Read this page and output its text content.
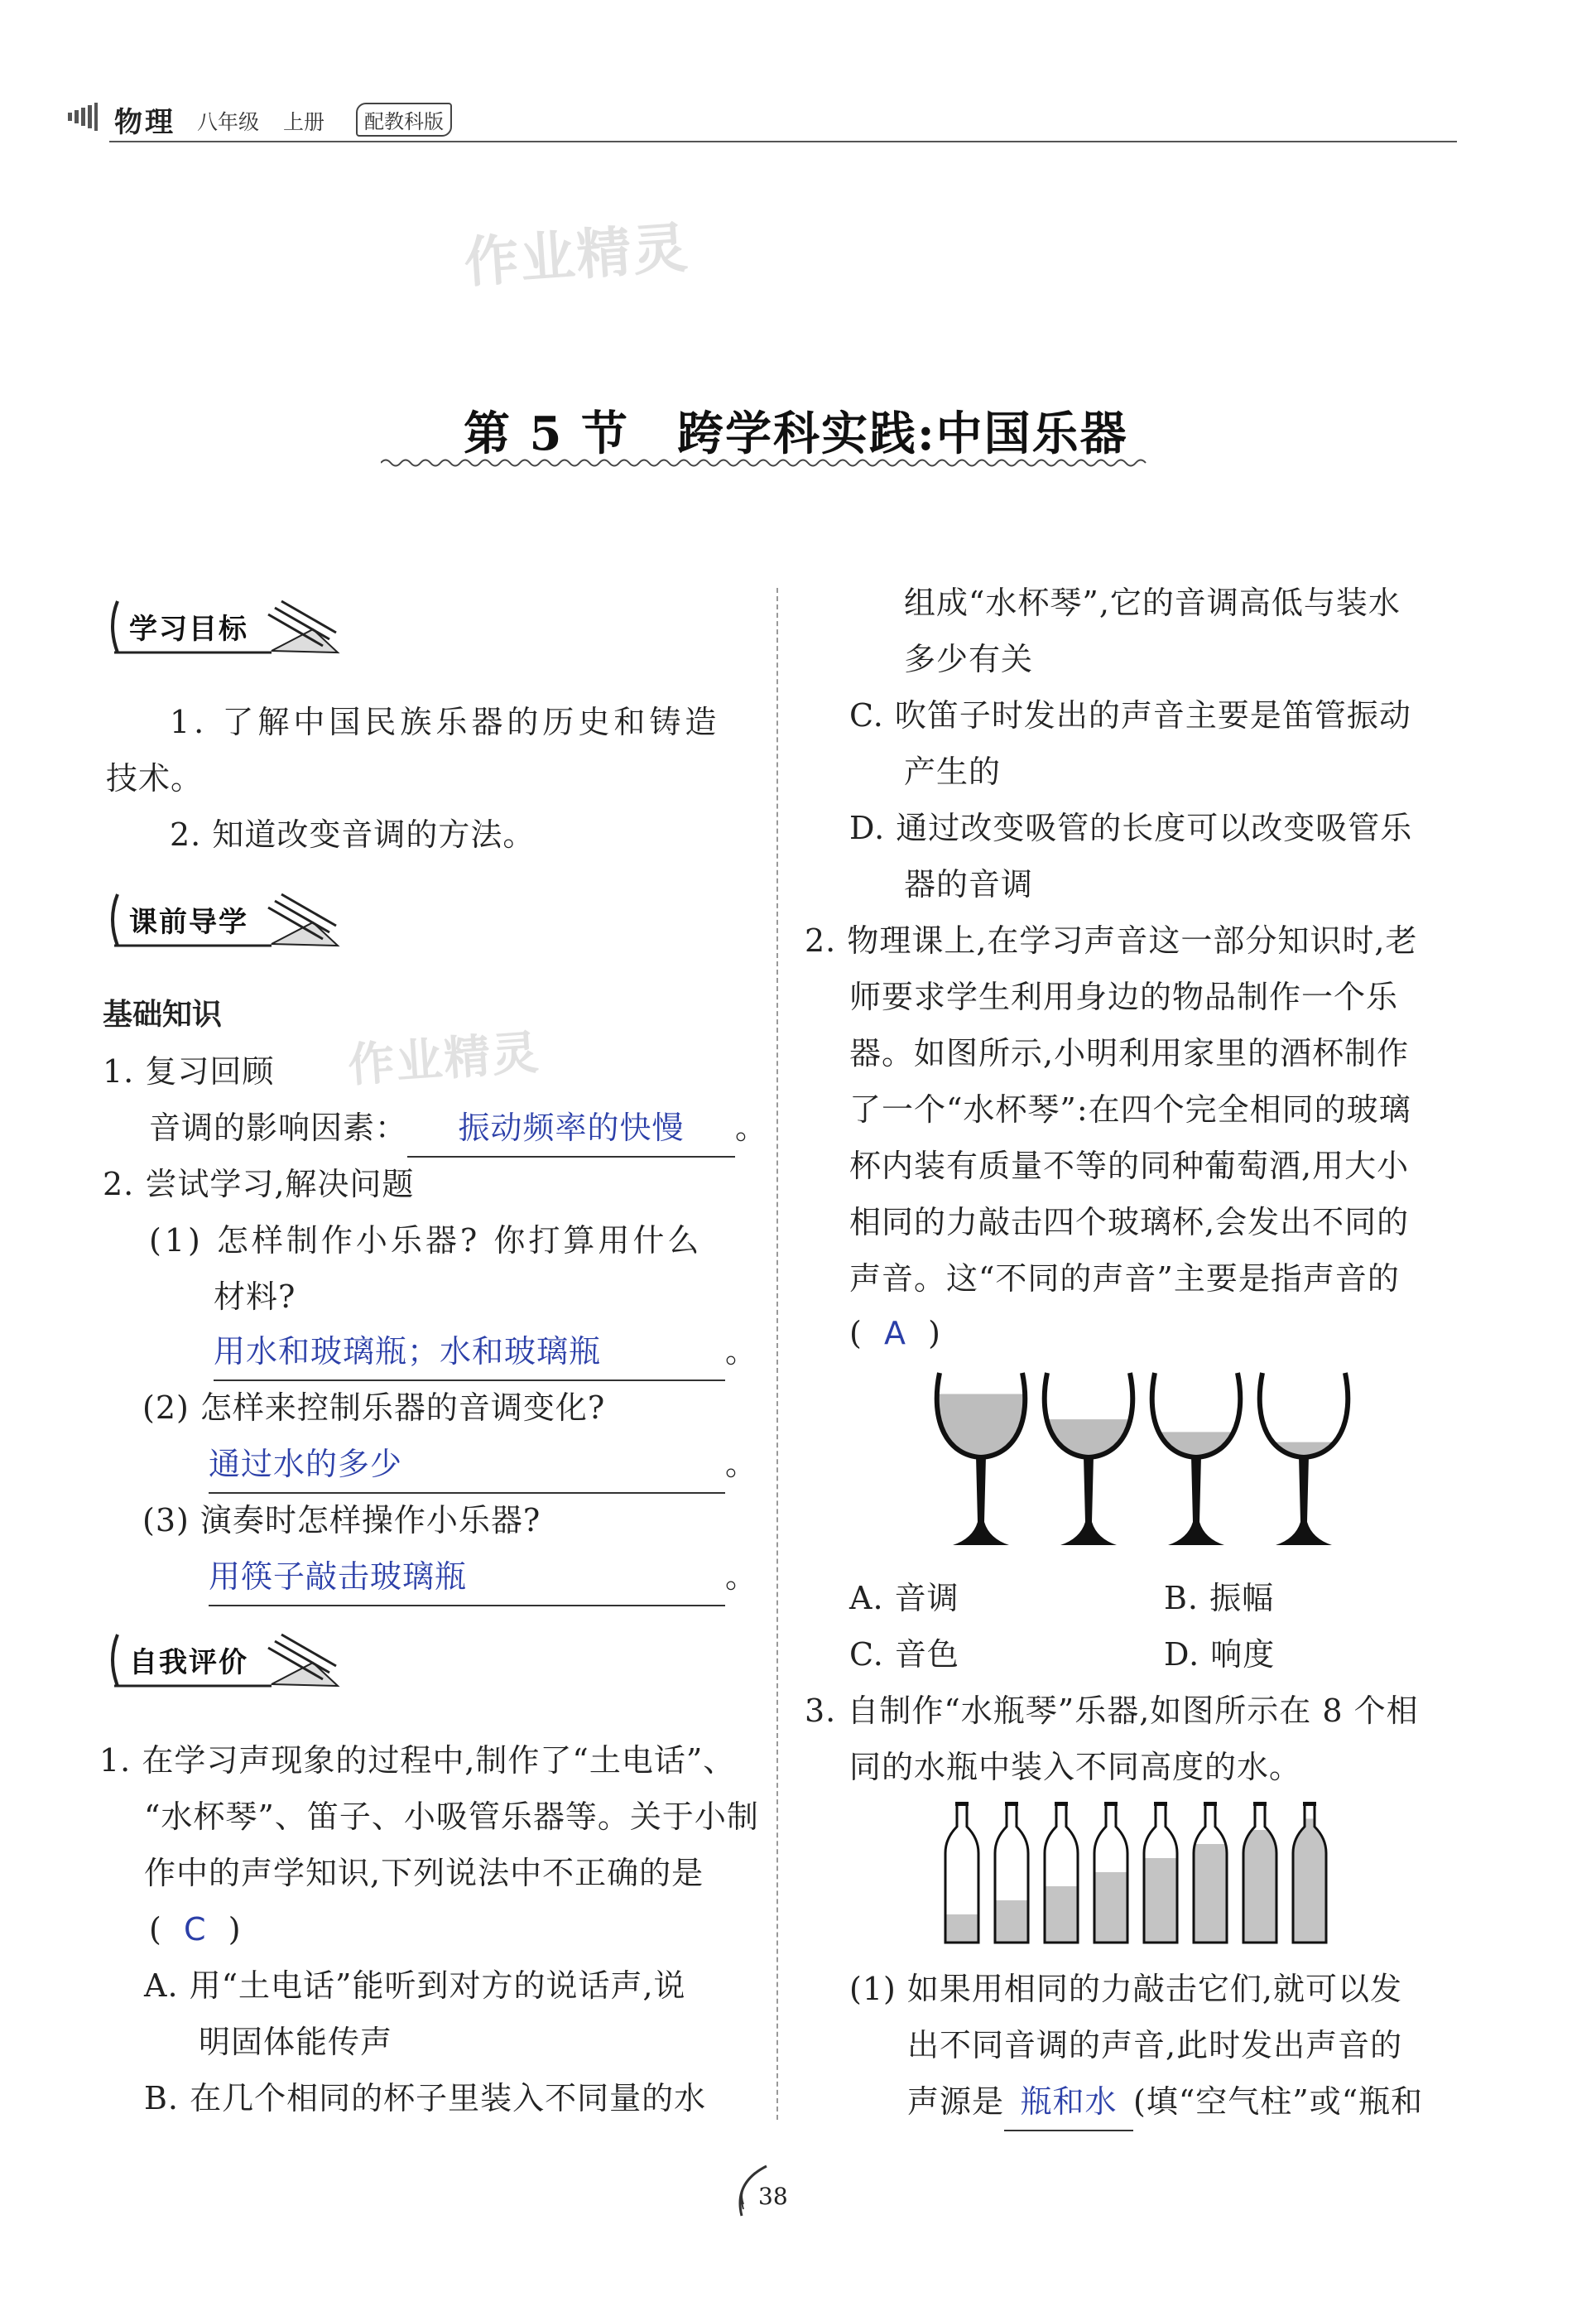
物理 八年级 上册	配教科版
作业精灵
作业精灵
第 5 节　跨学科实践:中国乐器
学习目标
1. 了解中国民族乐器的历史和铸造
技术。
2. 知道改变音调的方法。
课前导学
基础知识
1. 复习回顾
音调的影响因素： 振动频率的快慢 。
2. 尝试学习,解决问题
(1) 怎样制作小乐器? 你打算用什么
材料?
用水和玻璃瓶；水和玻璃瓶	。
(2) 怎样来控制乐器的音调变化?
通过水的多少	。
(3) 演奏时怎样操作小乐器?
用筷子敲击玻璃瓶	。
自我评价
1. 在学习声现象的过程中,制作了“土电话”、
“水杯琴”、笛子、小吸管乐器等。关于小制
作中的声学知识,下列说法中不正确的是
(  C  )
A. 用“土电话”能听到对方的说话声,说
明固体能传声
B. 在几个相同的杯子里装入不同量的水
组成“水杯琴”,它的音调高低与装水
多少有关
C. 吹笛子时发出的声音主要是笛管振动
产生的
D. 通过改变吸管的长度可以改变吸管乐
器的音调
2. 物理课上,在学习声音这一部分知识时,老
师要求学生利用身边的物品制作一个乐
器。如图所示,小明利用家里的酒杯制作
了一个“水杯琴”:在四个完全相同的玻璃
杯内装有质量不等的同种葡萄酒,用大小
相同的力敲击四个玻璃杯,会发出不同的
声音。这“不同的声音”主要是指声音的
(  A  )
A. 音调	B. 振幅
C. 音色	D. 响度
3. 自制作“水瓶琴”乐器,如图所示在 8 个相
同的水瓶中装入不同高度的水。
(1) 如果用相同的力敲击它们,就可以发
出不同音调的声音,此时发出声音的
声源是 瓶和水 (填“空气柱”或“瓶和
38
